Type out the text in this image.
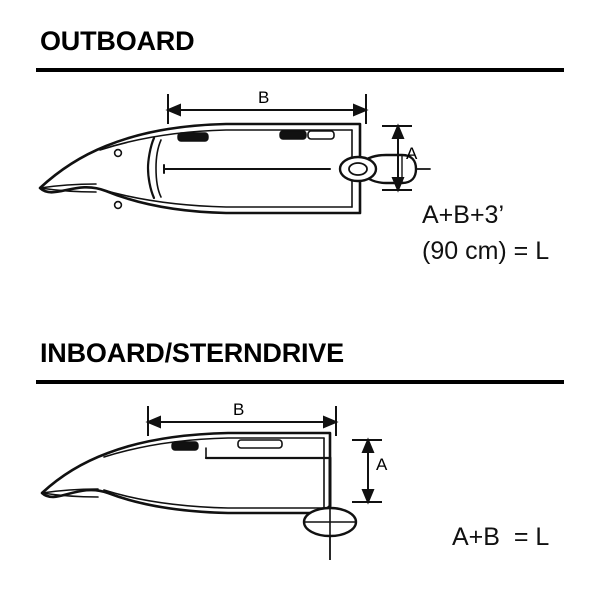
OUTBOARD
B
A
A+B+3’
(90 cm) = L
INBOARD/STERNDRIVE
B
A
A+B  = L
